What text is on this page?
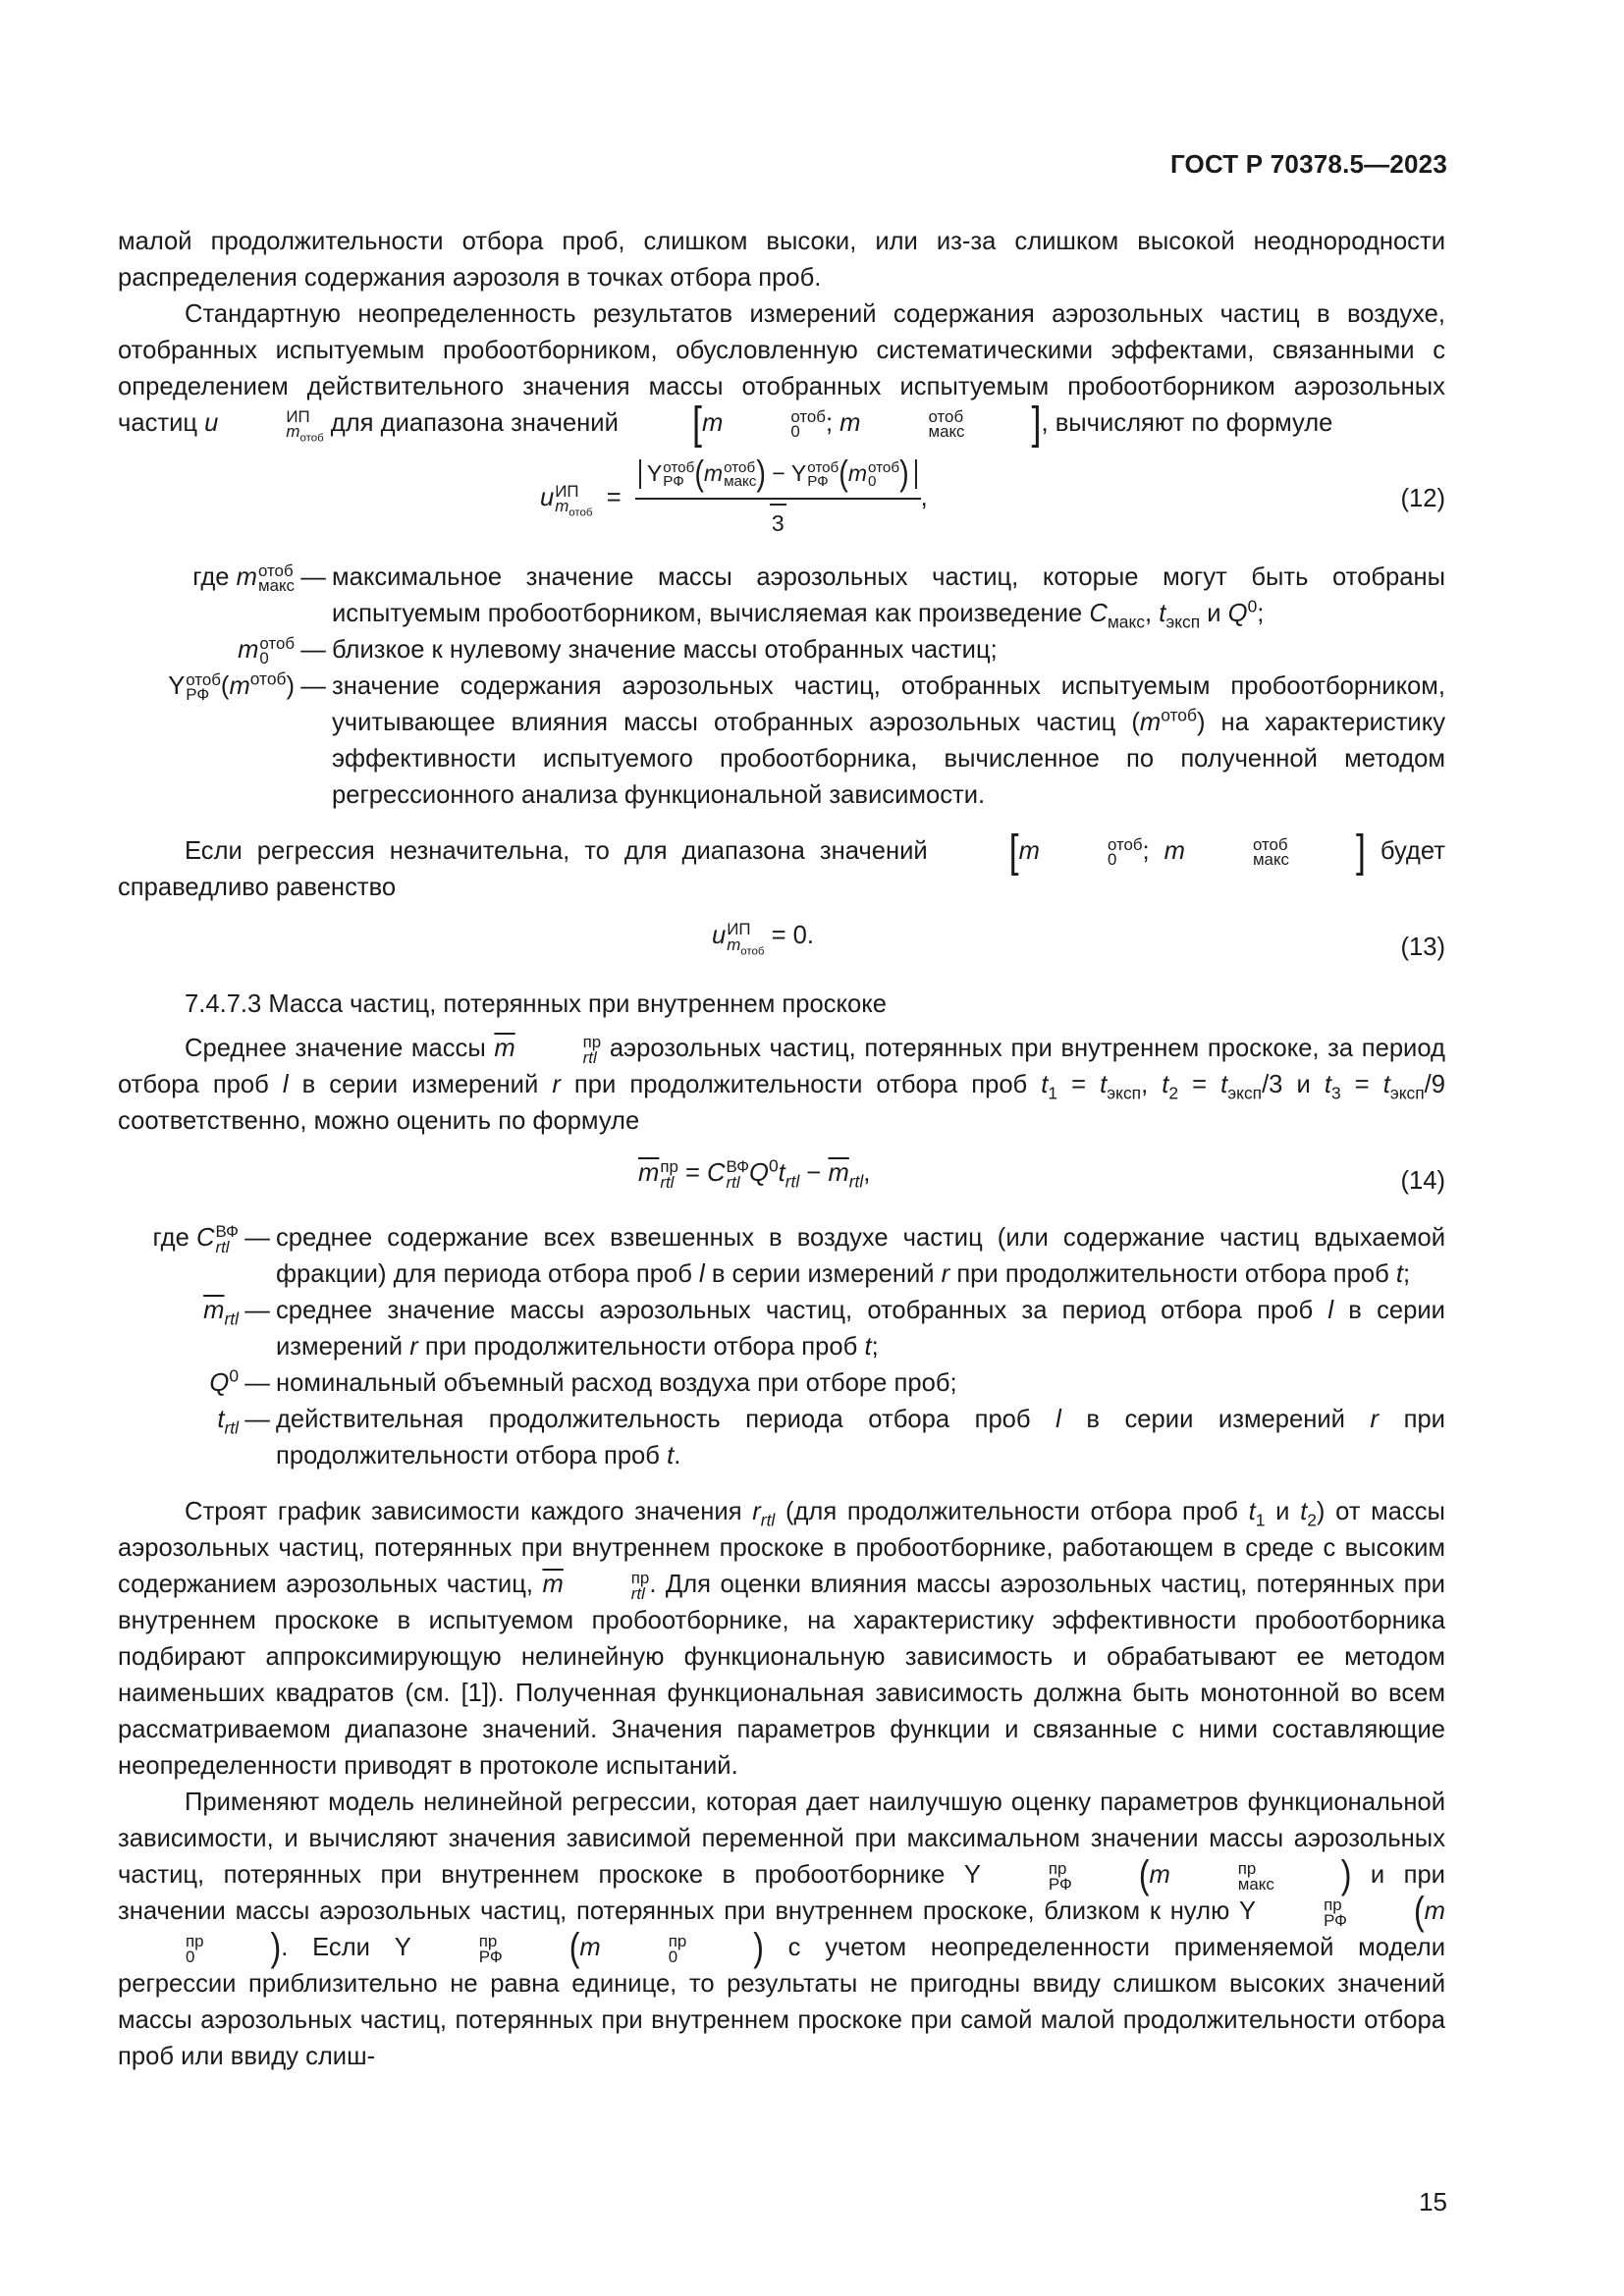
ГОСТ Р 70378.5—2023

малой продолжительности отбора проб, слишком высоки, или из-за слишком высокой неоднородности распределения содержания аэрозоля в точках отбора проб.

Стандартную неопределенность результатов измерений содержания аэрозольных частиц в воздухе, отобранных испытуемым пробоотборником, обусловленную систематическими эффектами, связанными с определением действительного значения массы отобранных испытуемым пробоотборником аэрозольных частиц u	ИП
$m_{отоб}$
для диапазона значений [m	отоб
0	; m	отоб
макс ], вычисляют по формуле

u ИП
$m_{отоб}$
= Y отоб
РФ (m отоб
макс ) − Y отоб
РФ (m отоб
0 )
3 ,	(12)
где m отоб
макс — максимальное значение массы аэрозольных частиц, которые могут быть отобраны испытуемым пробоотборником, вычисляемая как произведение $C_{макс}$, $t_{эксп}$ и $Q^0$;
m отоб
0	— близкое к нулевому значение массы отобранных частиц;
Y отоб
РФ $(m^{отоб})$ — значение содержания аэрозольных частиц, отобранных испытуемым пробоотборником, учитывающее влияния массы отобранных аэрозольных частиц $(m^{отоб})$ на характеристику эффективности испытуемого пробоотборника, вычисленное по полученной методом регрессионного анализа функциональной зависимости.

Если регрессия незначительна, то для диапазона значений [m	отоб
0	; m	отоб
макс ] будет справедливо равенство

u ИП
$m_{отоб}$
= 0.	(13)

7.4.7.3 Масса частиц, потерянных при внутреннем проскоке

Среднее значение массы $\overline{m}$	пр
rtl аэрозольных частиц, потерянных при внутреннем проскоке, за период отбора проб l в серии измерений r при продолжительности отбора проб $t_1 = t_{эксп}$, $t_2 = t_{эксп}/3$ и $t_3 = t_{эксп}/9$ соответственно, можно оценить по формуле

$\overline{m}$ пр
rtl = C ВФ
rtl $Q^0t_{rtl} - \overline{m}_{rtl}$,	(14)
где C ВФ
rtl — среднее содержание всех взвешенных в воздухе частиц (или содержание частиц вдыхаемой фракции) для периода отбора проб l в серии измерений r при продолжительности отбора проб t;
$\overline{m}_{rtl}$ — среднее значение массы аэрозольных частиц, отобранных за период отбора проб l в серии измерений r при продолжительности отбора проб t;
$Q^0$ — номинальный объемный расход воздуха при отборе проб;
$t_{rtl}$ — действительная продолжительность периода отбора проб l в серии измерений r при продолжительности отбора проб t.

Строят график зависимости каждого значения $r_{rtl}$ (для продолжительности отбора проб $t_1$ и $t_2$) от массы аэрозольных частиц, потерянных при внутреннем проскоке в пробоотборнике, работающем в среде с высоким содержанием аэрозольных частиц, $\overline{m}$	пр
rtl . Для оценки влияния массы аэрозольных частиц, потерянных при внутреннем проскоке в испытуемом пробоотборнике, на характеристику эффективности пробоотборника подбирают аппроксимирующую нелинейную функциональную зависимость и обрабатывают ее методом наименьших квадратов (см. [1]). Полученная функциональная зависимость должна быть монотонной во всем рассматриваемом диапазоне значений. Значения параметров функции и связанные с ними составляющие неопределенности приводят в протоколе испытаний.

Применяют модель нелинейной регрессии, которая дает наилучшую оценку параметров функциональной зависимости, и вычисляют значения зависимой переменной при максимальном значении массы аэрозольных частиц, потерянных при внутреннем проскоке в пробоотборнике Y	пр
РФ (m	пр
макс ) и при значении массы аэрозольных частиц, потерянных при внутреннем проскоке, близком к нулю Y	пр
РФ (m
пр
0 ). Если Y	пр
РФ (m	пр
0 ) с учетом неопределенности применяемой модели регрессии приблизительно не равна единице, то результаты не пригодны ввиду слишком высоких значений массы аэрозольных частиц, потерянных при внутреннем проскоке при самой малой продолжительности отбора проб или ввиду слиш-

15
